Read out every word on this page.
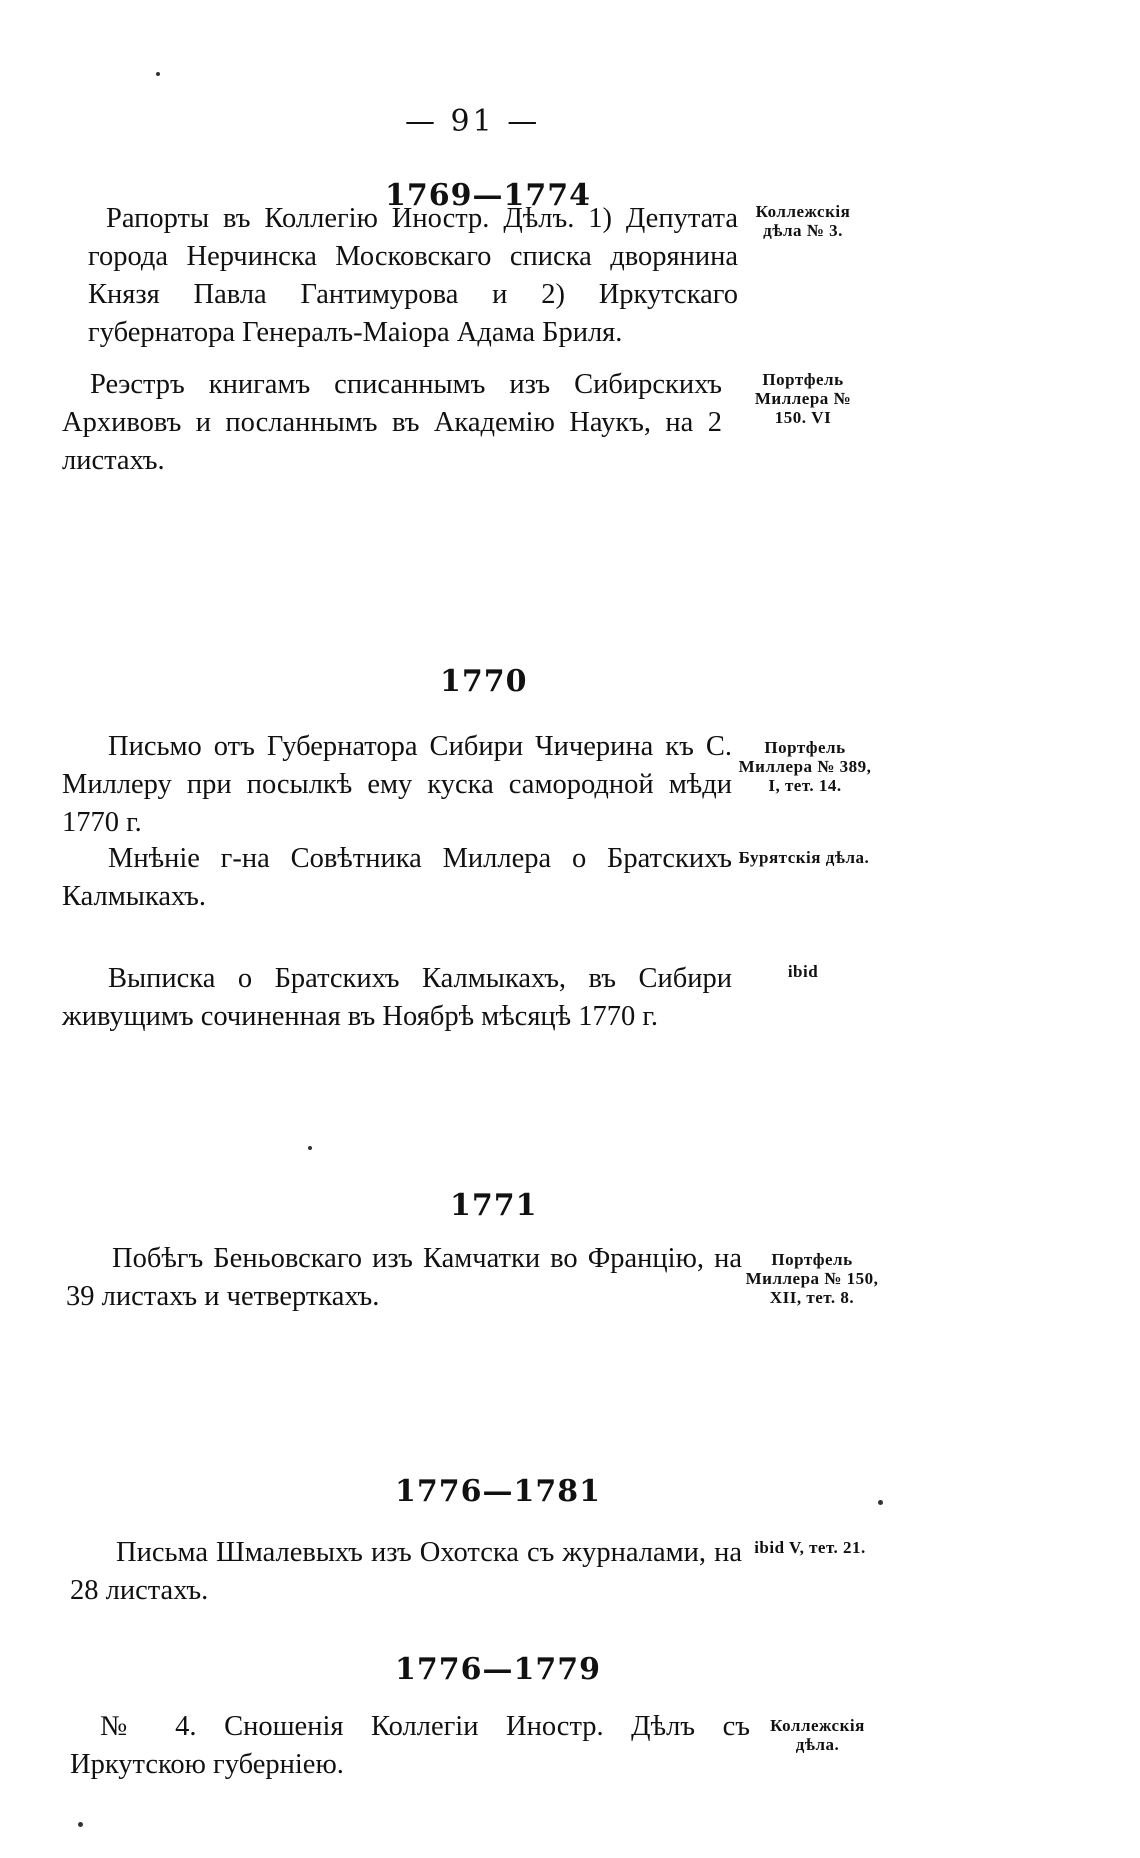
— 91 —
1769—1774
Рапорты въ Коллегію Иностр. Дѣлъ. 1) Депутата города Нерчинска Московскаго списка дворянина Князя Павла Гантимурова и 2) Иркутскаго губернатора Генералъ-Маіора Адама Бриля.
Коллежскія дѣла № 3.
Реэстръ книгамъ списаннымъ изъ Сибирскихъ Архивовъ и посланнымъ въ Академію Наукъ, на 2 листахъ.
Портфель Миллера № 150. VI
1770
Письмо отъ Губернатора Сибири Чичерина къ С. Миллеру при посылкѣ ему куска самородной мѣди 1770 г.
Портфель Миллера № 389, I, тет. 14.
Мнѣніе г-на Совѣтника Миллера о Братскихъ Калмыкахъ.
Бурятскія дѣла.
Выписка о Братскихъ Калмыкахъ, въ Сибири живущимъ сочиненная въ Ноябрѣ мѣсяцѣ 1770 г.
ibid
1771
Побѣгъ Беньовскаго изъ Камчатки во Францію, на 39 листахъ и четверткахъ.
Портфель Миллера № 150, XII, тет. 8.
1776—1781
Письма Шмалевыхъ изъ Охотска съ журналами, на 28 листахъ.
ibid V, тет. 21.
1776—1779
№ 4. Сношенія Коллегіи Иностр. Дѣлъ съ Иркутскою губерніею.
Коллежскія дѣла.
